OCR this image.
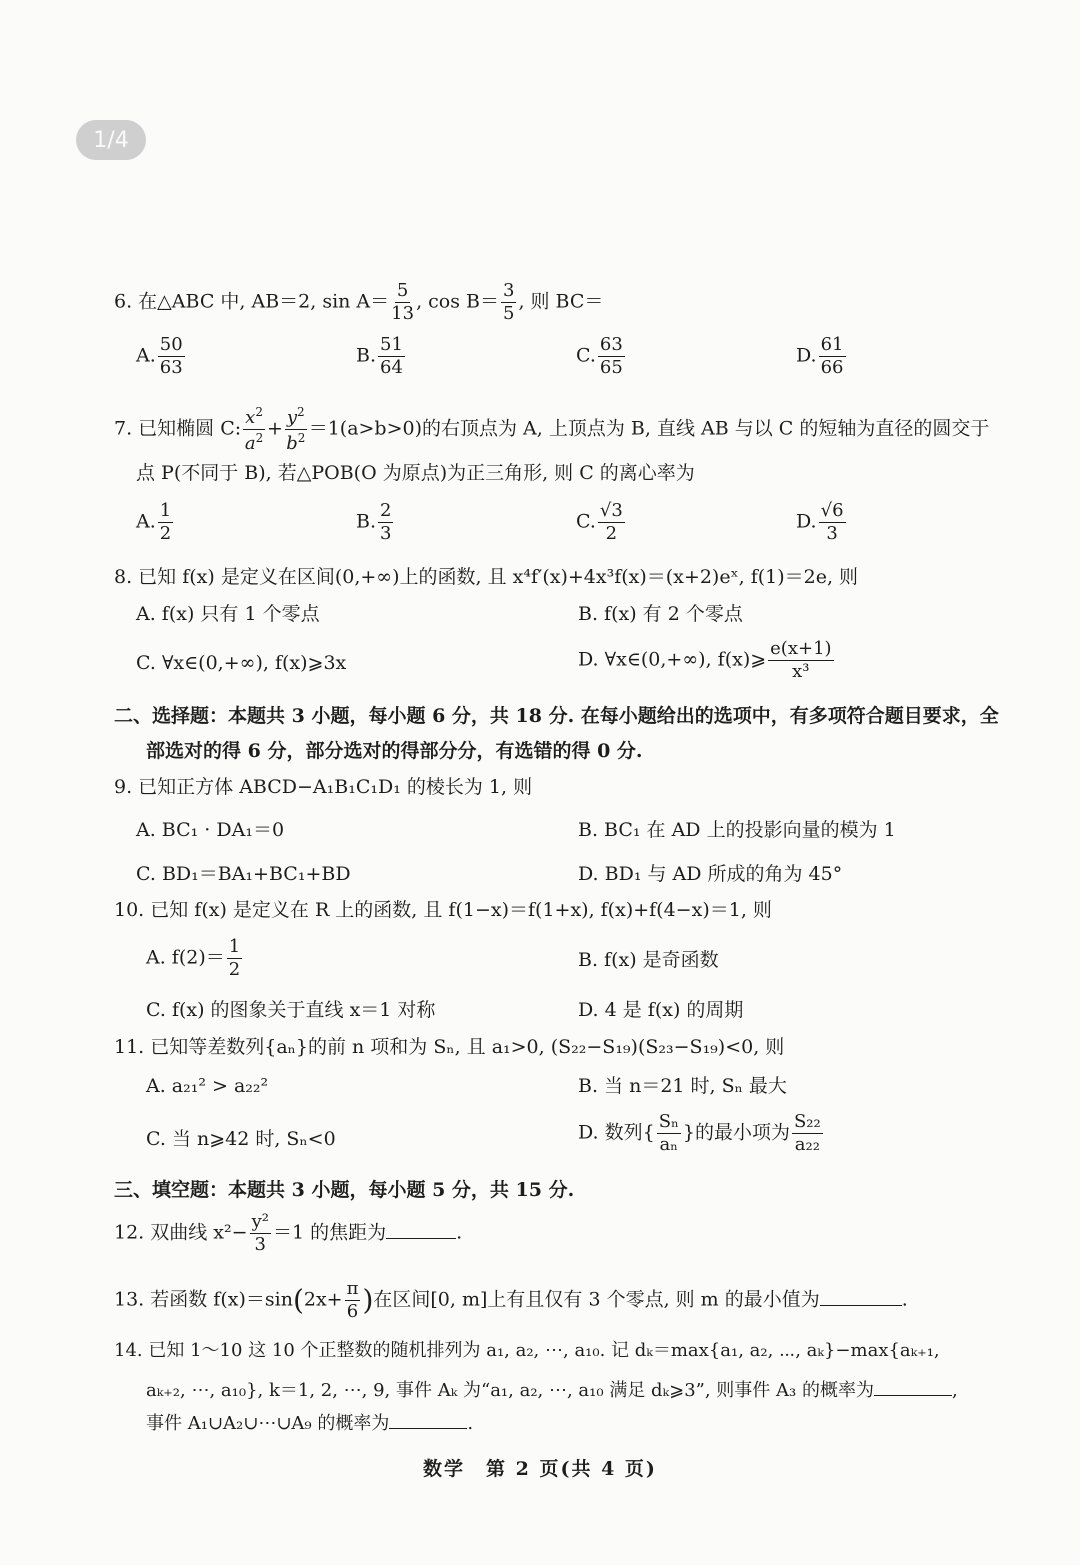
1/4
6. 在△ABC 中, AB＝2, $\sin A= \frac{5}{13}$ , $\cos B= \frac{3}{5}$ , 则 BC＝
A. $\frac{50}{63}$	B. $\frac{51}{64}$	C. $\frac{63}{65}$	D. $\frac{61}{66}$
7. 已知椭圆 C: $\frac{x^2}{a^2} + \frac{y^2}{b^2} =1(a>b>0)$的右顶点为 A, 上顶点为 B, 直线 AB 与以 C 的短轴为直径的圆交于
点 P(不同于 B), 若△POB(O 为原点)为正三角形, 则 C 的离心率为
A. $\frac{1}{2}$	B. $\frac{2}{3}$	C. $\frac{√3}{2}$	D. $\frac{√6}{3}$
8. 已知 f(x) 是定义在区间(0,+∞)上的函数, 且 x⁴f′(x)+4x³f(x)＝(x+2)eˣ, f(1)＝2e, 则
A. f(x) 只有 1 个零点	B. f(x) 有 2 个零点
C. ∀x∈(0,+∞), f(x)⩾3x	D. ∀x∈(0,+∞), f(x)⩾ $\frac{e(x+1)}{\text{x³}}$
二、选择题：本题共 3 小题，每小题 6 分，共 18 分. 在每小题给出的选项中，有多项符合题目要求，全
部选对的得 6 分，部分选对的得部分分，有选错的得 0 分.
9. 已知正方体 ABCD−A₁B₁C₁D₁ 的棱长为 1, 则
A. BC₁ · DA₁＝0	B. BC₁ 在 AD 上的投影向量的模为 1
C. BD₁＝BA₁+BC₁+BD	D. BD₁ 与 AD 所成的角为 45°
10. 已知 f(x) 是定义在 R 上的函数, 且 f(1−x)＝f(1+x), f(x)+f(4−x)＝1, 则
A. $f(2)= \frac{1}{2}$	B. f(x) 是奇函数
C. f(x) 的图象关于直线 x＝1 对称	D. 4 是 f(x) 的周期
11. 已知等差数列{aₙ}的前 n 项和为 Sₙ, 且 a₁>0, (S₂₂−S₁₉)(S₂₃−S₁₉)<0, 则
A. a₂₁² > a₂₂²	B. 当 n＝21 时, Sₙ 最大
C. 当 n⩾42 时, Sₙ<0	D. 数列{ $\frac{\text{Sₙ}}{\text{aₙ}}$ }的最小项为 $\frac{\text{S₂₂}}{\text{a₂₂}}$
三、填空题：本题共 3 小题，每小题 5 分，共 15 分.
12. 双曲线 $x^2- \frac{\text{y²}}{3} =1$ 的焦距为	.
13. 若函数 $f(x)=\sin(2x+ \frac{\pi}{6}$ )在区间[0, m]上有且仅有 3 个零点, 则 m 的最小值为	.
14. 已知 1～10 这 10 个正整数的随机排列为 a₁, a₂, ⋯, a₁₀. 记 dₖ＝max{a₁, a₂, ⋯, aₖ}−max{aₖ₊₁,
aₖ₊₂, ⋯, a₁₀}, k＝1, 2, ⋯, 9, 事件 Aₖ 为“a₁, a₂, ⋯, a₁₀ 满足 dₖ⩾3”, 则事件 A₃ 的概率为	,
事件 A₁∪A₂∪⋯∪A₉ 的概率为	.
数学　第 2 页(共 4 页)
